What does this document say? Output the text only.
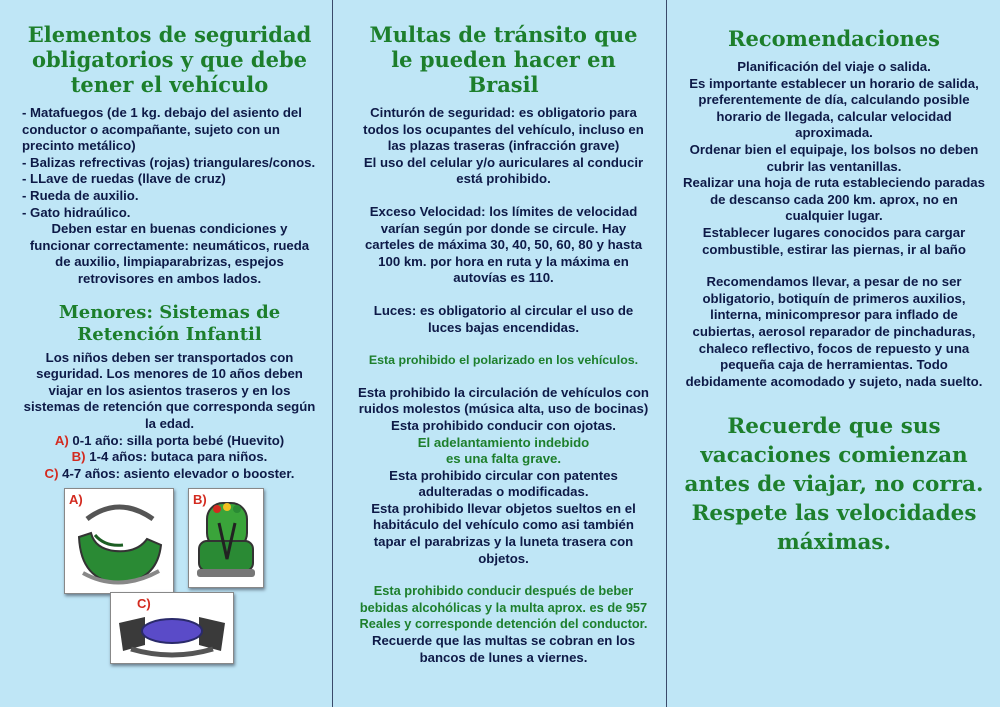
Elementos de seguridad obligatorios y que debe tener el vehículo

- Matafuegos (de 1 kg. debajo del asiento del conductor o acompañante, sujeto con un precinto metálico)

- Balizas refrectivas (rojas) triangulares/conos.

- LLave de ruedas (llave de cruz)

- Rueda de auxilio.

- Gato hidraúlico.

Deben estar en buenas condiciones y funcionar correctamente: neumáticos, rueda de auxilio, limpiaparabrizas, espejos retrovisores en ambos lados.

Menores: Sistemas de Retención Infantil

Los niños deben ser transportados con seguridad. Los menores de 10 años deben viajar en los asientos traseros y en los sistemas de retención que corresponda según la edad.

A) 0-1 año: silla porta bebé (Huevito)

B) 1-4 años: butaca para niños.

C) 4-7 años: asiento elevador o booster.

A)	B)
C)
Multas de tránsito que le pueden hacer en Brasil

Cinturón de seguridad: es obligatorio para todos los ocupantes del vehículo, incluso en las plazas traseras (infracción grave)

El uso del celular y/o auriculares al conducir está prohibido.

Exceso Velocidad: los límites de velocidad varían según por donde se circule. Hay carteles de máxima 30, 40, 50, 60, 80 y hasta 100 km. por hora en ruta y la máxima en autovías es 110.

Luces: es obligatorio al circular el uso de luces bajas encendidas.

Esta prohibido el polarizado en los vehículos.

Esta prohibido la circulación de vehículos con ruidos molestos (música alta, uso de bocinas)

Esta prohibido conducir con ojotas.

El adelantamiento indebido

es una falta grave.

Esta prohibido circular con patentes adulteradas o modificadas.

Esta prohibido llevar objetos sueltos en el habitáculo del vehículo como asi también tapar el parabrizas y la luneta trasera con objetos.

Esta prohibido conducir después de beber bebidas alcohólicas y la multa aprox. es de 957 Reales y corresponde detención del conductor.

Recuerde que las multas se cobran en los bancos de lunes a viernes.

Recomendaciones

Planificación del viaje o salida.

Es importante establecer un horario de salida, preferentemente de día, calculando posible horario de llegada, calcular velocidad aproximada.

Ordenar bien el equipaje, los bolsos no deben cubrir las ventanillas.

Realizar una hoja de ruta estableciendo paradas de descanso cada 200 km. aprox, no en cualquier lugar.

Establecer lugares conocidos para cargar combustible, estirar las piernas, ir al baño

Recomendamos llevar, a pesar de no ser obligatorio, botiquín de primeros auxilios, linterna, minicompresor para inflado de cubiertas, aerosol reparador de pinchaduras, chaleco reflectivo, focos de repuesto y una pequeña caja de herramientas. Todo debidamente acomodado y sujeto, nada suelto.

Recuerde que sus vacaciones comienzan antes de viajar, no corra. Respete las velocidades máximas.
